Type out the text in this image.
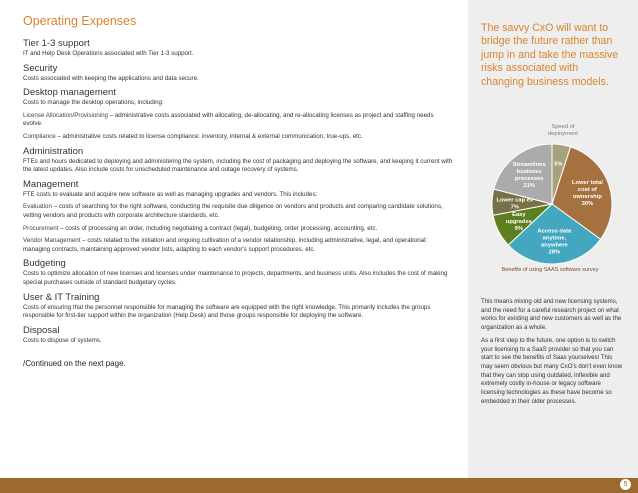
Operating Expenses
Tier 1-3 support
IT and Help Desk Operations associated with Tier 1-3 support.
Security
Costs associated with keeping the applications and data secure.
Desktop management
Costs to manage the desktop operations, including:
License Allocation/Provisioning – administrative costs associated with allocating, de-allocating, and re-allocating licenses as project and staffing needs evolve.
Compliance – administrative costs related to license compliance: inventory, internal & external communication, true-ups, etc.
Administration
FTEs and hours dedicated to deploying and administering the system, including the cost of packaging and deploying the software, and keeping it current with the latest updates. Also include costs for unscheduled maintenance and outage recovery of systems.
Management
FTE costs to evaluate and acquire new software as well as managing upgrades and vendors. This includes:
Evaluation – costs of searching for the right software, conducting the requisite due diligence on vendors and products and comparing candidate solutions, vetting vendors and products with corporate architecture standards, etc.
Procurement – costs of processing an order, including negotiating a contract (legal), budgeting, order processing, accounting, etc.
Vendor Management – costs related to the initiation and ongoing cultivation of a vendor relationship, including administrative, legal, and operational: managing contracts, maintaining approved vendor lists, adapting to each vendor's support procedures, etc.
Budgeting
Costs to optimize allocation of new licenses and licenses under maintenance to projects, departments, and business units. Also includes the cost of making special purchases outside of standard budgetary cycles.
User & IT Training
Costs of ensuring that the personnel responsible for managing the software are equipped with the right knowledge. This primarily includes the groups responsible for first-tier support within the organization (Help Desk) and those groups responsible for deploying the software.
Disposal
Costs to dispose of systems.
/Continued on the next page.
The savvy CxO will want to bridge the future rather than jump in and take the massive risks associated with changing business models.
Speed of deployment
5%
Lower total cost of ownership
30%
Access data anytime, anywhere
28%
Easy upgrades
9%
Lower cap ex
7%
Streamlines business processes
21%
Benefits of using SAAS software survey

This means mixing old and new licensing systems, and the need for a careful research project on what works for existing and new customers as well as the organization as a whole.

As a first step to the future, one option is to switch your licensing to a SaaS provider so that you can start to see the benefits of Saas yourselves! This may seem obvious but many CxO's don't even know that they can stop using outdated, inflexible and extremely costly in-house or legacy software licensing technologies as these have become so embedded in their older processes.

5
